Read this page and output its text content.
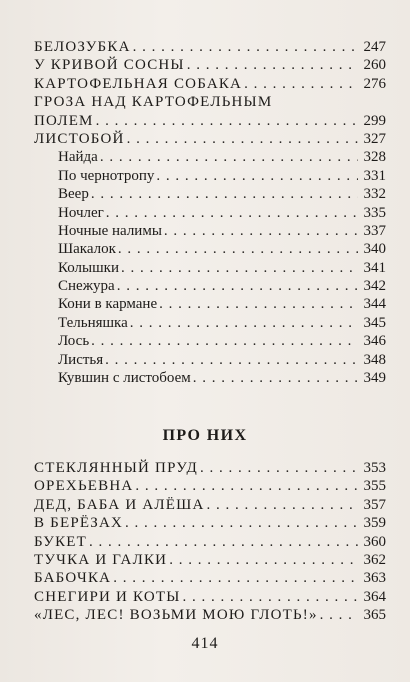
БЕЛОЗУБКА . . .	247
У КРИВОЙ СОСНЫ . . .	260
КАРТОФЕЛЬНАЯ СОБАКА . . .	276
ГРОЗА НАД КАРТОФЕЛЬНЫМ
ПОЛЕМ . . .	299
ЛИСТОБОЙ . . .	327
Найда . . .	328
По чернотропу . . .	331
Веер . . .	332
Ночлег . . .	335
Ночные налимы . . .	337
Шакалок . . .	340
Колышки . . .	341
Снежура . . .	342
Кони в кармане . . .	344
Тельняшка . . .	345
Лось . . .	346
Листья . . .	348
Кувшин с листобоем . . .	349
ПРО НИХ
СТЕКЛЯННЫЙ ПРУД . . .	353
ОРЕХЬЕВНА . . .	355
ДЕД, БАБА И АЛЁША . . .	357
В БЕРЁЗАХ . . .	359
БУКЕТ . . .	360
ТУЧКА И ГАЛКИ . . .	362
БАБОЧКА . . .	363
СНЕГИРИ И КОТЫ . . .	364
«ЛЕС, ЛЕС! ВОЗЬМИ МОЮ ГЛОТЬ!» . . .	365
414
